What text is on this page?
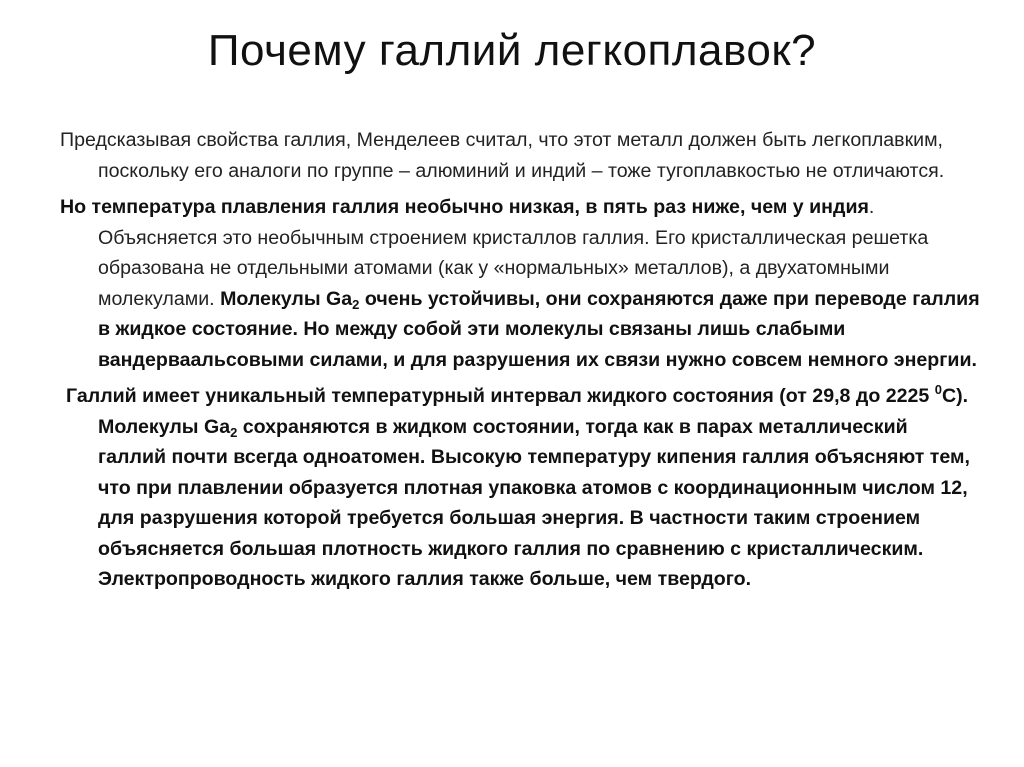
Почему галлий легкоплавок?

Предсказывая свойства галлия, Менделеев считал, что этот металл должен быть легкоплавким, поскольку его аналоги по группе – алюминий и индий – тоже тугоплавкостью не отличаются.

Но температура плавления галлия необычно низкая, в пять раз ниже, чем у индия. Объясняется это необычным строением кристаллов галлия. Его кристаллическая решетка образована не отдельными атомами (как у «нормальных» металлов), а двухатомными молекулами. Молекулы $Ga_2$ очень устойчивы, они сохраняются даже при переводе галлия в жидкое состояние. Но между собой эти молекулы связаны лишь слабыми вандерваальсовыми силами, и для разрушения их связи нужно совсем немного энергии.

Галлий имеет уникальный температурный интервал жидкого состояния (от 29,8 до 2225 $^0$С). Молекулы $Ga_2$ сохраняются в жидком состоянии, тогда как в парах металлический галлий почти всегда одноатомен. Высокую температуру кипения галлия объясняют тем, что при плавлении образуется плотная упаковка атомов с координационным числом 12, для разрушения которой требуется большая энергия. В частности таким строением объясняется большая плотность жидкого галлия по сравнению с кристаллическим. Электропроводность жидкого галлия также больше, чем твердого.
